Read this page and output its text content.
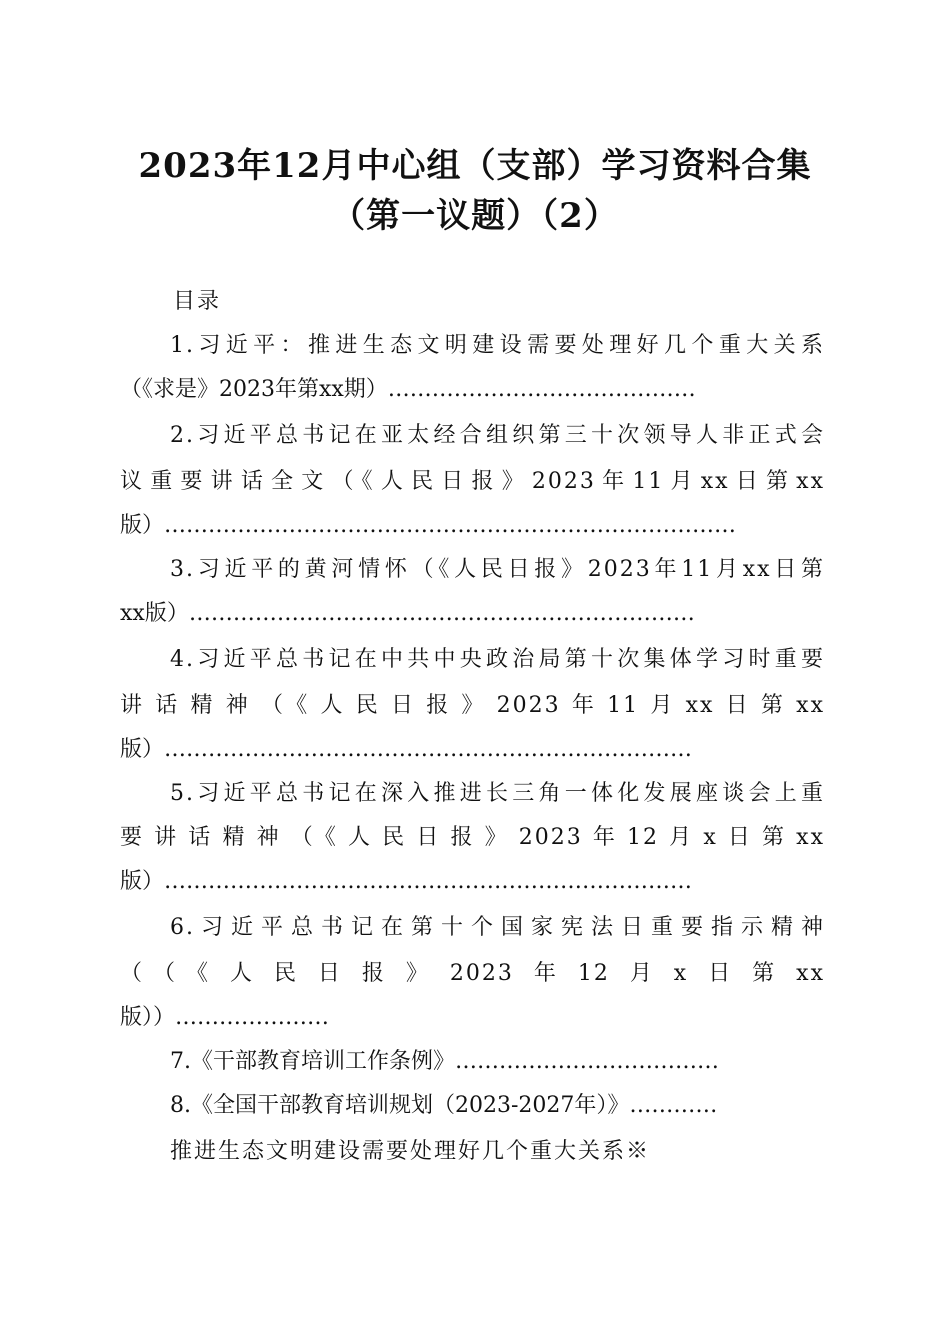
2023年12月中心组（支部）学习资料合集
（第一议题）（2）
目录
1.习近平：推进生态文明建设需要处理好几个重大关系
（《求是》2023年第xx期）……………………………………
2.习近平总书记在亚太经合组织第三十次领导人非正式会
议重要讲话全文（《人民日报》2023年11月xx日第xx
版）……………………………………………………………………
3.习近平的黄河情怀（《人民日报》2023年11月xx日第
xx版）……………………………………………………………
4.习近平总书记在中共中央政治局第十次集体学习时重要
讲话精神（《人民日报》2023年11月xx日第xx
版）………………………………………………………………
5.习近平总书记在深入推进长三角一体化发展座谈会上重
要讲话精神（《人民日报》2023年12月x日第xx
版）………………………………………………………………
6.习近平总书记在第十个国家宪法日重要指示精神
（（《人民日报》2023年12月x日第xx
版））…………………
7.《干部教育培训工作条例》………………………………
8.《全国干部教育培训规划（2023-2027年）》…………
推进生态文明建设需要处理好几个重大关系※
